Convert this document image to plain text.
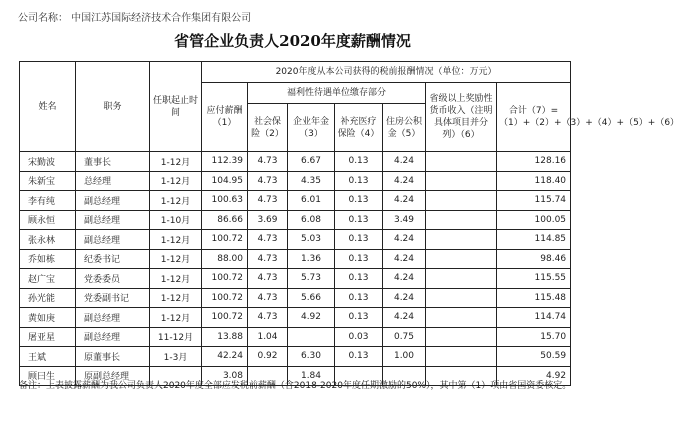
公司名称： 中国江苏国际经济技术合作集团有限公司
省管企业负责人2020年度薪酬情况
姓名	职务	任职起止时间	2020年度从本公司获得的税前报酬情况（单位：万元）						
			应付薪酬（1）	福利性待遇单位缴存部分				省级以上奖励性货币收入（注明具体项目并分列）（6）	合计（7）=（1）+（2）+（3）+（4）+（5）+（6）
				社会保险（2）	企业年金（3）	补充医疗保险（4）	住房公积金（5）		
宋勤波	董事长	1-12月	112.39	4.73	6.67	0.13	4.24		128.16
朱新宝	总经理	1-12月	104.95	4.73	4.35	0.13	4.24		118.40
李有纯	副总经理	1-12月	100.63	4.73	6.01	0.13	4.24		115.74
顾永恒	副总经理	1-10月	86.66	3.69	6.08	0.13	3.49		100.05
张永林	副总经理	1-12月	100.72	4.73	5.03	0.13	4.24		114.85
乔如栋	纪委书记	1-12月	88.00	4.73	1.36	0.13	4.24		98.46
赵广宝	党委委员	1-12月	100.72	4.73	5.73	0.13	4.24		115.55
孙光能	党委副书记	1-12月	100.72	4.73	5.66	0.13	4.24		115.48
黄如庚	副总经理	1-12月	100.72	4.73	4.92	0.13	4.24		114.74
屠亚星	副总经理	11-12月	13.88	1.04		0.03	0.75		15.70
王斌	原董事长	1-3月	42.24	0.92	6.30	0.13	1.00		50.59
顾曰生	原副总经理		3.08		1.84				4.92
备注：上表披露薪酬为我公司负责人2020年度全部应发税前薪酬（含2018-2020年度任期激励的50%），其中第（1）项由省国资委核定。
